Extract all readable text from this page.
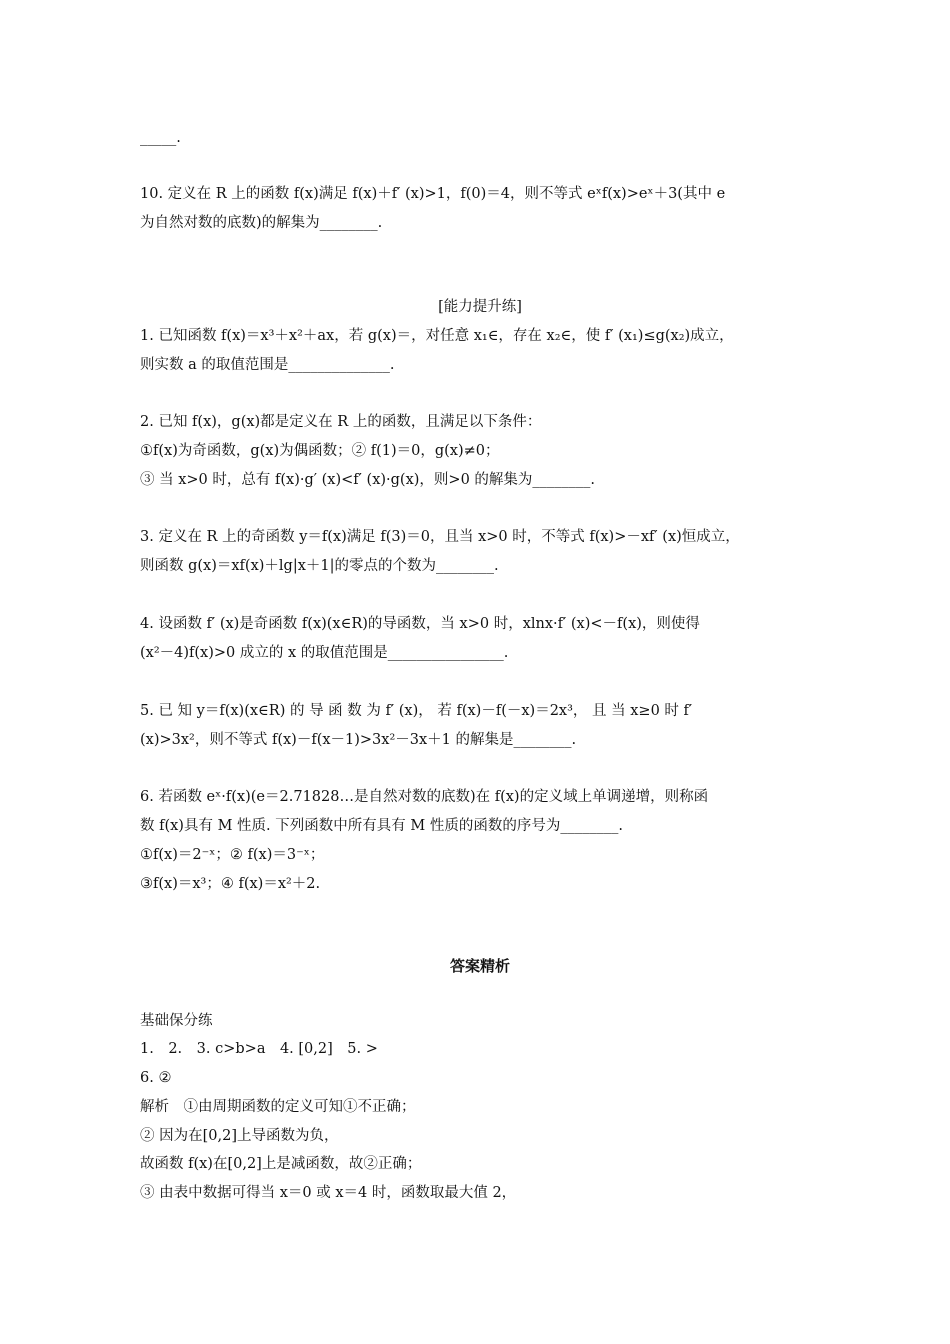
_____.
10. 定义在 R 上的函数 f(x)满足 f(x)＋f′ (x)>1，f(0)＝4，则不等式 eˣf(x)>eˣ＋3(其中 e
为自然对数的底数)的解集为________.
[能力提升练]
1. 已知函数 f(x)＝x³＋x²＋ax，若 g(x)＝，对任意 x₁∈，存在 x₂∈，使 f′ (x₁)≤g(x₂)成立，
则实数 a 的取值范围是______________.
2. 已知 f(x)，g(x)都是定义在 R 上的函数，且满足以下条件：
①f(x)为奇函数，g(x)为偶函数；② f(1)＝0，g(x)≠0；
③ 当 x>0 时，总有 f(x)·g′ (x)<f′ (x)·g(x)，则>0 的解集为________.
3. 定义在 R 上的奇函数 y＝f(x)满足 f(3)＝0，且当 x>0 时，不等式 f(x)>－xf′ (x)恒成立，
则函数 g(x)＝xf(x)＋lg|x＋1|的零点的个数为________.
4. 设函数 f′ (x)是奇函数 f(x)(x∈R)的导函数，当 x>0 时，xlnx·f′ (x)<－f(x)，则使得
(x²－4)f(x)>0 成立的 x 的取值范围是________________.
5. 已 知 y＝f(x)(x∈R) 的 导 函 数 为 f′ (x)， 若 f(x)－f(－x)＝2x³， 且 当 x≥0 时 f′
(x)>3x²，则不等式 f(x)－f(x－1)>3x²－3x＋1 的解集是________.
6. 若函数 eˣ·f(x)(e＝2.71828…是自然对数的底数)在 f(x)的定义域上单调递增，则称函
数 f(x)具有 M 性质. 下列函数中所有具有 M 性质的函数的序号为________.
①f(x)＝2⁻ˣ；② f(x)＝3⁻ˣ；
③f(x)＝x³；④ f(x)＝x²＋2.
答案精析
基础保分练
1.　2.　3. c>b>a　4. [0,2]　5. >
6. ②
解析　①由周期函数的定义可知①不正确；
② 因为在[0,2]上导函数为负，
故函数 f(x)在[0,2]上是减函数，故②正确；
③ 由表中数据可得当 x＝0 或 x＝4 时，函数取最大值 2，
